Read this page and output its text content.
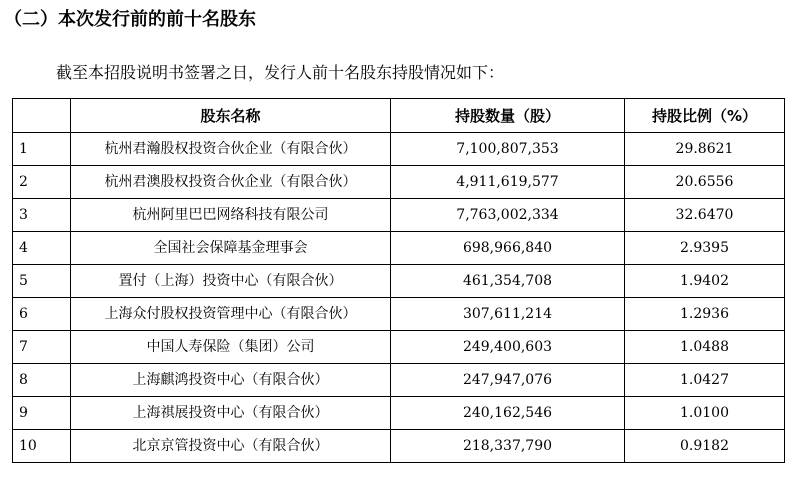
（二）本次发行前的前十名股东
截至本招股说明书签署之日，发行人前十名股东持股情况如下：
	股东名称	持股数量（股）	持股比例（%）
1	杭州君瀚股权投资合伙企业（有限合伙）	7,100,807,353	29.8621
2	杭州君澳股权投资合伙企业（有限合伙）	4,911,619,577	20.6556
3	杭州阿里巴巴网络科技有限公司	7,763,002,334	32.6470
4	全国社会保障基金理事会	698,966,840	2.9395
5	置付（上海）投资中心（有限合伙）	461,354,708	1.9402
6	上海众付股权投资管理中心（有限合伙）	307,611,214	1.2936
7	中国人寿保险（集团）公司	249,400,603	1.0488
8	上海麒鸿投资中心（有限合伙）	247,947,076	1.0427
9	上海祺展投资中心（有限合伙）	240,162,546	1.0100
10	北京京管投资中心（有限合伙）	218,337,790	0.9182
